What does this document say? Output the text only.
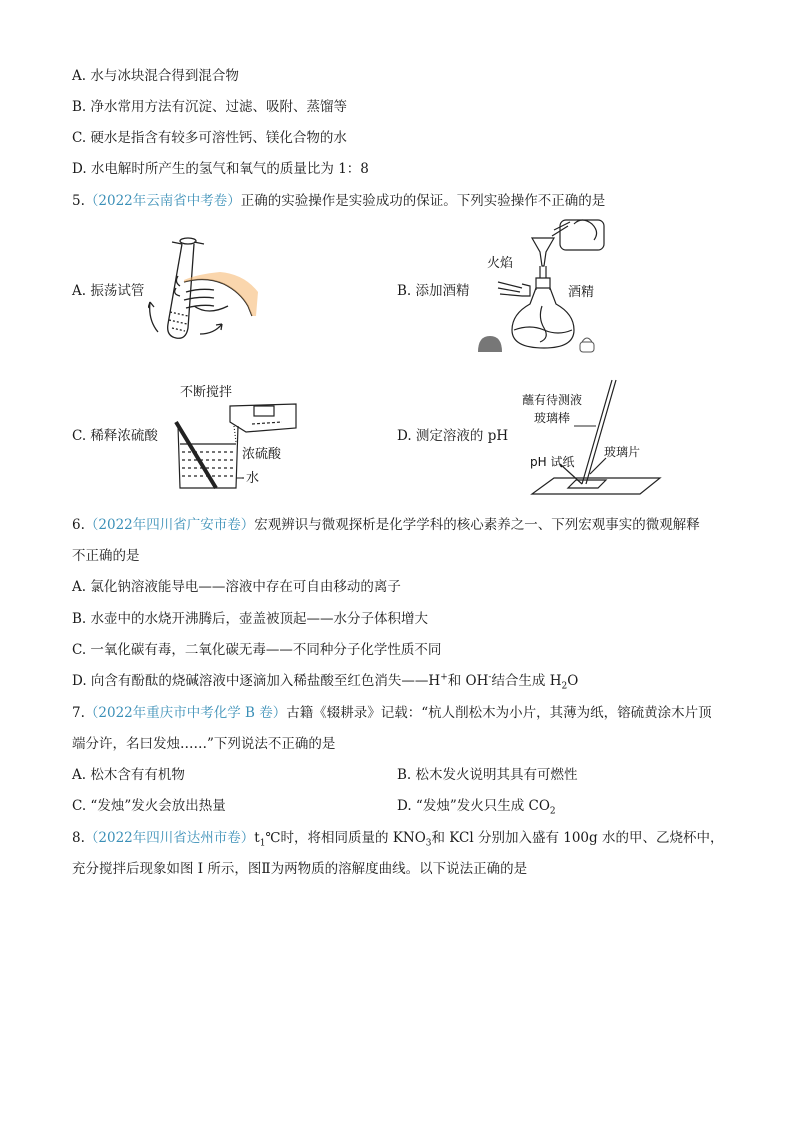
A. 水与冰块混合得到混合物
B. 净水常用方法有沉淀、过滤、吸附、蒸馏等
C. 硬水是指含有较多可溶性钙、镁化合物的水
D. 水电解时所产生的氢气和氧气的质量比为 1：8
5.（2022年云南省中考卷）正确的实验操作是实验成功的保证。下列实验操作不正确的是
A. 振荡试管	B. 添加酒精
C. 稀释浓硫酸	D. 测定溶液的 pH
火焰
酒精
不断搅拌
浓硫酸
水
蘸有待测液
玻璃棒
pH 试纸
玻璃片
6.（2022年四川省广安市卷）宏观辨识与微观探析是化学学科的核心素养之一、下列宏观事实的微观解释
不正确的是
A. 氯化钠溶液能导电——溶液中存在可自由移动的离子
B. 水壶中的水烧开沸腾后，壶盖被顶起——水分子体积增大
C. 一氧化碳有毒，二氧化碳无毒——不同种分子化学性质不同
D. 向含有酚酞的烧碱溶液中逐滴加入稀盐酸至红色消失——H+和 OH-结合生成 $H_2O$
7.（2022年重庆市中考化学 B 卷）古籍《辍耕录》记载：“杭人削松木为小片，其薄为纸，镕硫黄涂木片顶
端分许，名曰发烛……”下列说法不正确的是
A. 松木含有有机物	B. 松木发火说明其具有可燃性
C. “发烛”发火会放出热量	D. “发烛”发火只生成 $CO_2$
8.（2022年四川省达州市卷）$t_1℃$时，将相同质量的 $KNO_3$和 KCl 分别加入盛有 100g 水的甲、乙烧杯中，
充分搅拌后现象如图 I 所示，图Ⅱ为两物质的溶解度曲线。以下说法正确的是
